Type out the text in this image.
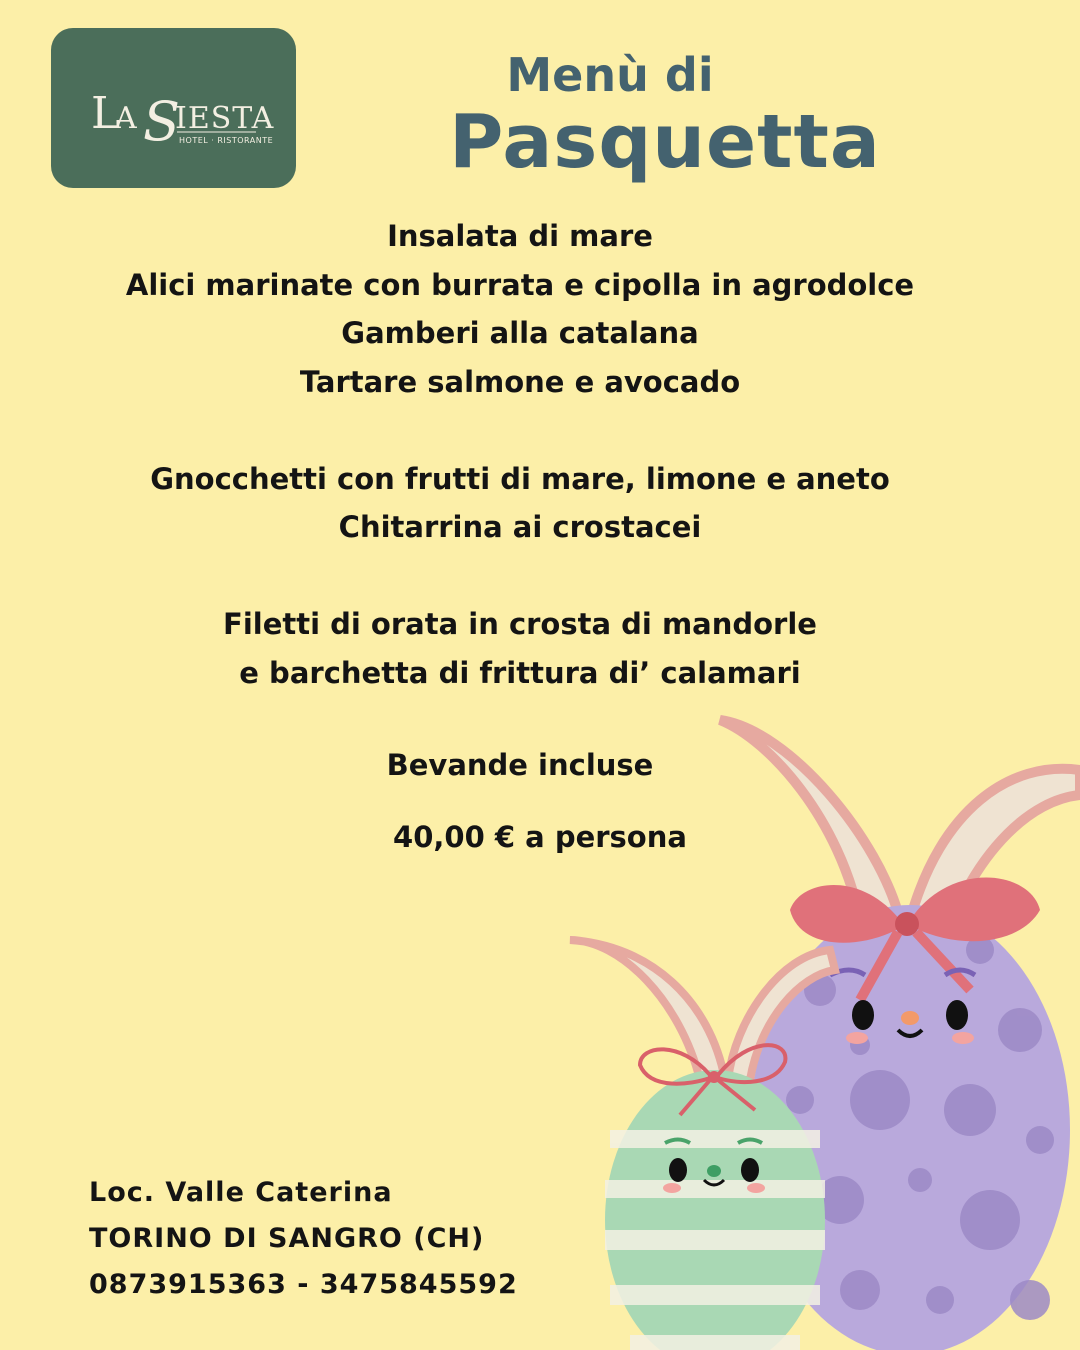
L
A S
IESTA
HOTEL · RISTORANTE
Menù di
Pasquetta
Insalata di mare
Alici marinate con burrata e cipolla in agrodolce
Gamberi alla catalana
Tartare salmone e avocado
Gnocchetti con frutti di mare, limone e aneto
Chitarrina ai crostacei
Filetti di orata in crosta di mandorle
e barchetta di frittura di’ calamari
Bevande incluse
40,00 € a persona
Loc. Valle Caterina
TORINO DI SANGRO (CH)
0873915363 - 3475845592
